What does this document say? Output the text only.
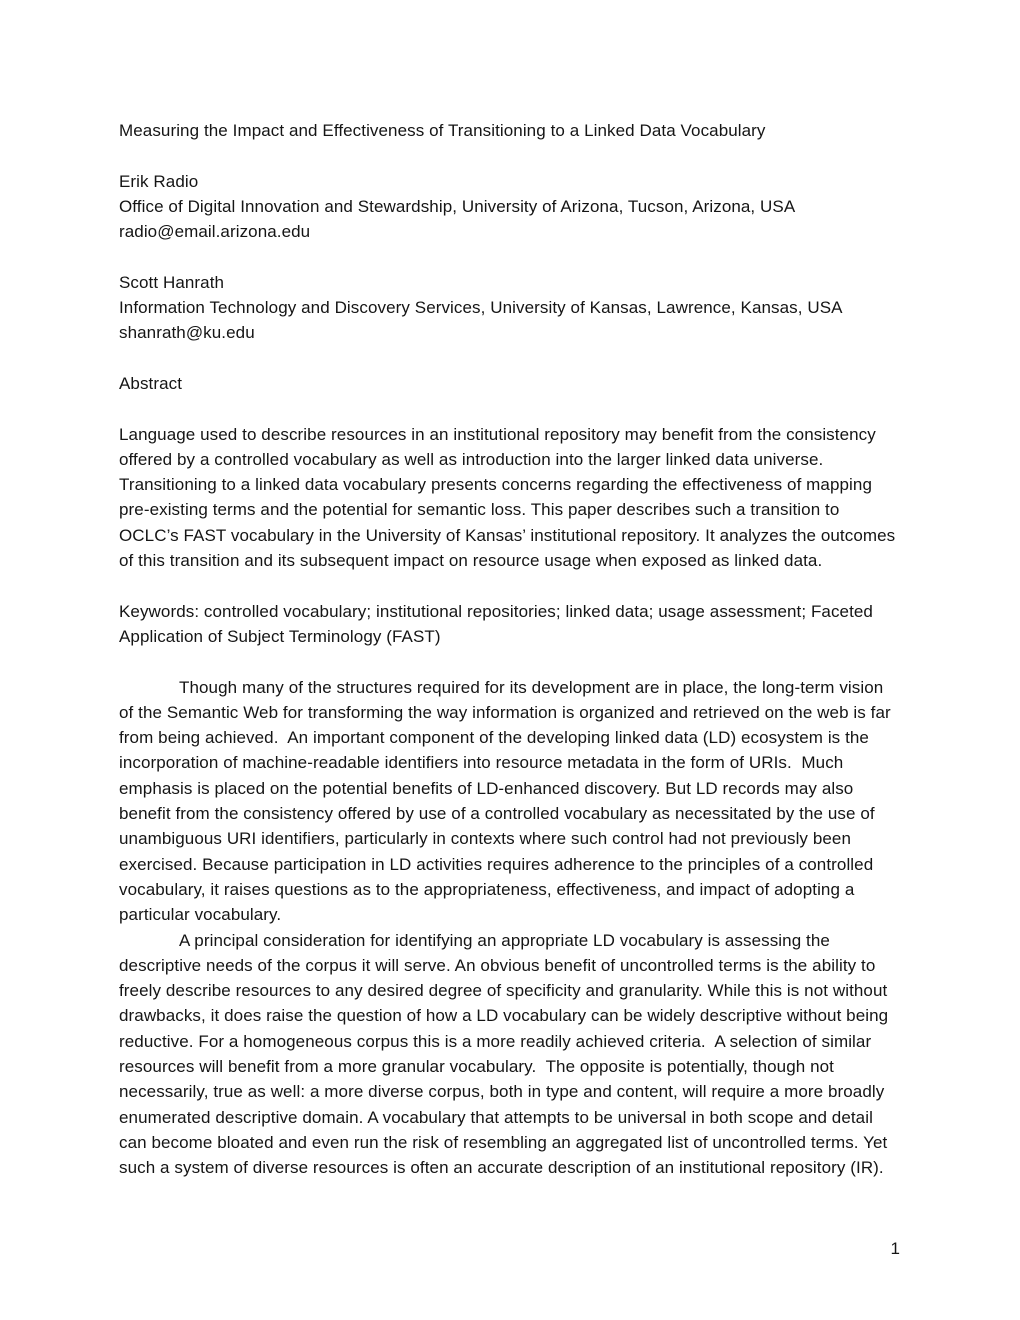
Measuring the Impact and Effectiveness of Transitioning to a Linked Data Vocabulary
Erik Radio
Office of Digital Innovation and Stewardship, University of Arizona, Tucson, Arizona, USA
radio@email.arizona.edu
Scott Hanrath
Information Technology and Discovery Services, University of Kansas, Lawrence, Kansas, USA
shanrath@ku.edu
Abstract
Language used to describe resources in an institutional repository may benefit from the consistency offered by a controlled vocabulary as well as introduction into the larger linked data universe. Transitioning to a linked data vocabulary presents concerns regarding the effectiveness of mapping pre-existing terms and the potential for semantic loss. This paper describes such a transition to OCLC’s FAST vocabulary in the University of Kansas’ institutional repository. It analyzes the outcomes of this transition and its subsequent impact on resource usage when exposed as linked data.
Keywords: controlled vocabulary; institutional repositories; linked data; usage assessment; Faceted Application of Subject Terminology (FAST)
Though many of the structures required for its development are in place, the long-term vision of the Semantic Web for transforming the way information is organized and retrieved on the web is far from being achieved.  An important component of the developing linked data (LD) ecosystem is the incorporation of machine-readable identifiers into resource metadata in the form of URIs.  Much emphasis is placed on the potential benefits of LD-enhanced discovery. But LD records may also benefit from the consistency offered by use of a controlled vocabulary as necessitated by the use of unambiguous URI identifiers, particularly in contexts where such control had not previously been exercised. Because participation in LD activities requires adherence to the principles of a controlled vocabulary, it raises questions as to the appropriateness, effectiveness, and impact of adopting a particular vocabulary.
A principal consideration for identifying an appropriate LD vocabulary is assessing the descriptive needs of the corpus it will serve. An obvious benefit of uncontrolled terms is the ability to freely describe resources to any desired degree of specificity and granularity. While this is not without drawbacks, it does raise the question of how a LD vocabulary can be widely descriptive without being reductive. For a homogeneous corpus this is a more readily achieved criteria.  A selection of similar resources will benefit from a more granular vocabulary.  The opposite is potentially, though not necessarily, true as well: a more diverse corpus, both in type and content, will require a more broadly enumerated descriptive domain. A vocabulary that attempts to be universal in both scope and detail can become bloated and even run the risk of resembling an aggregated list of uncontrolled terms. Yet such a system of diverse resources is often an accurate description of an institutional repository (IR).
1
